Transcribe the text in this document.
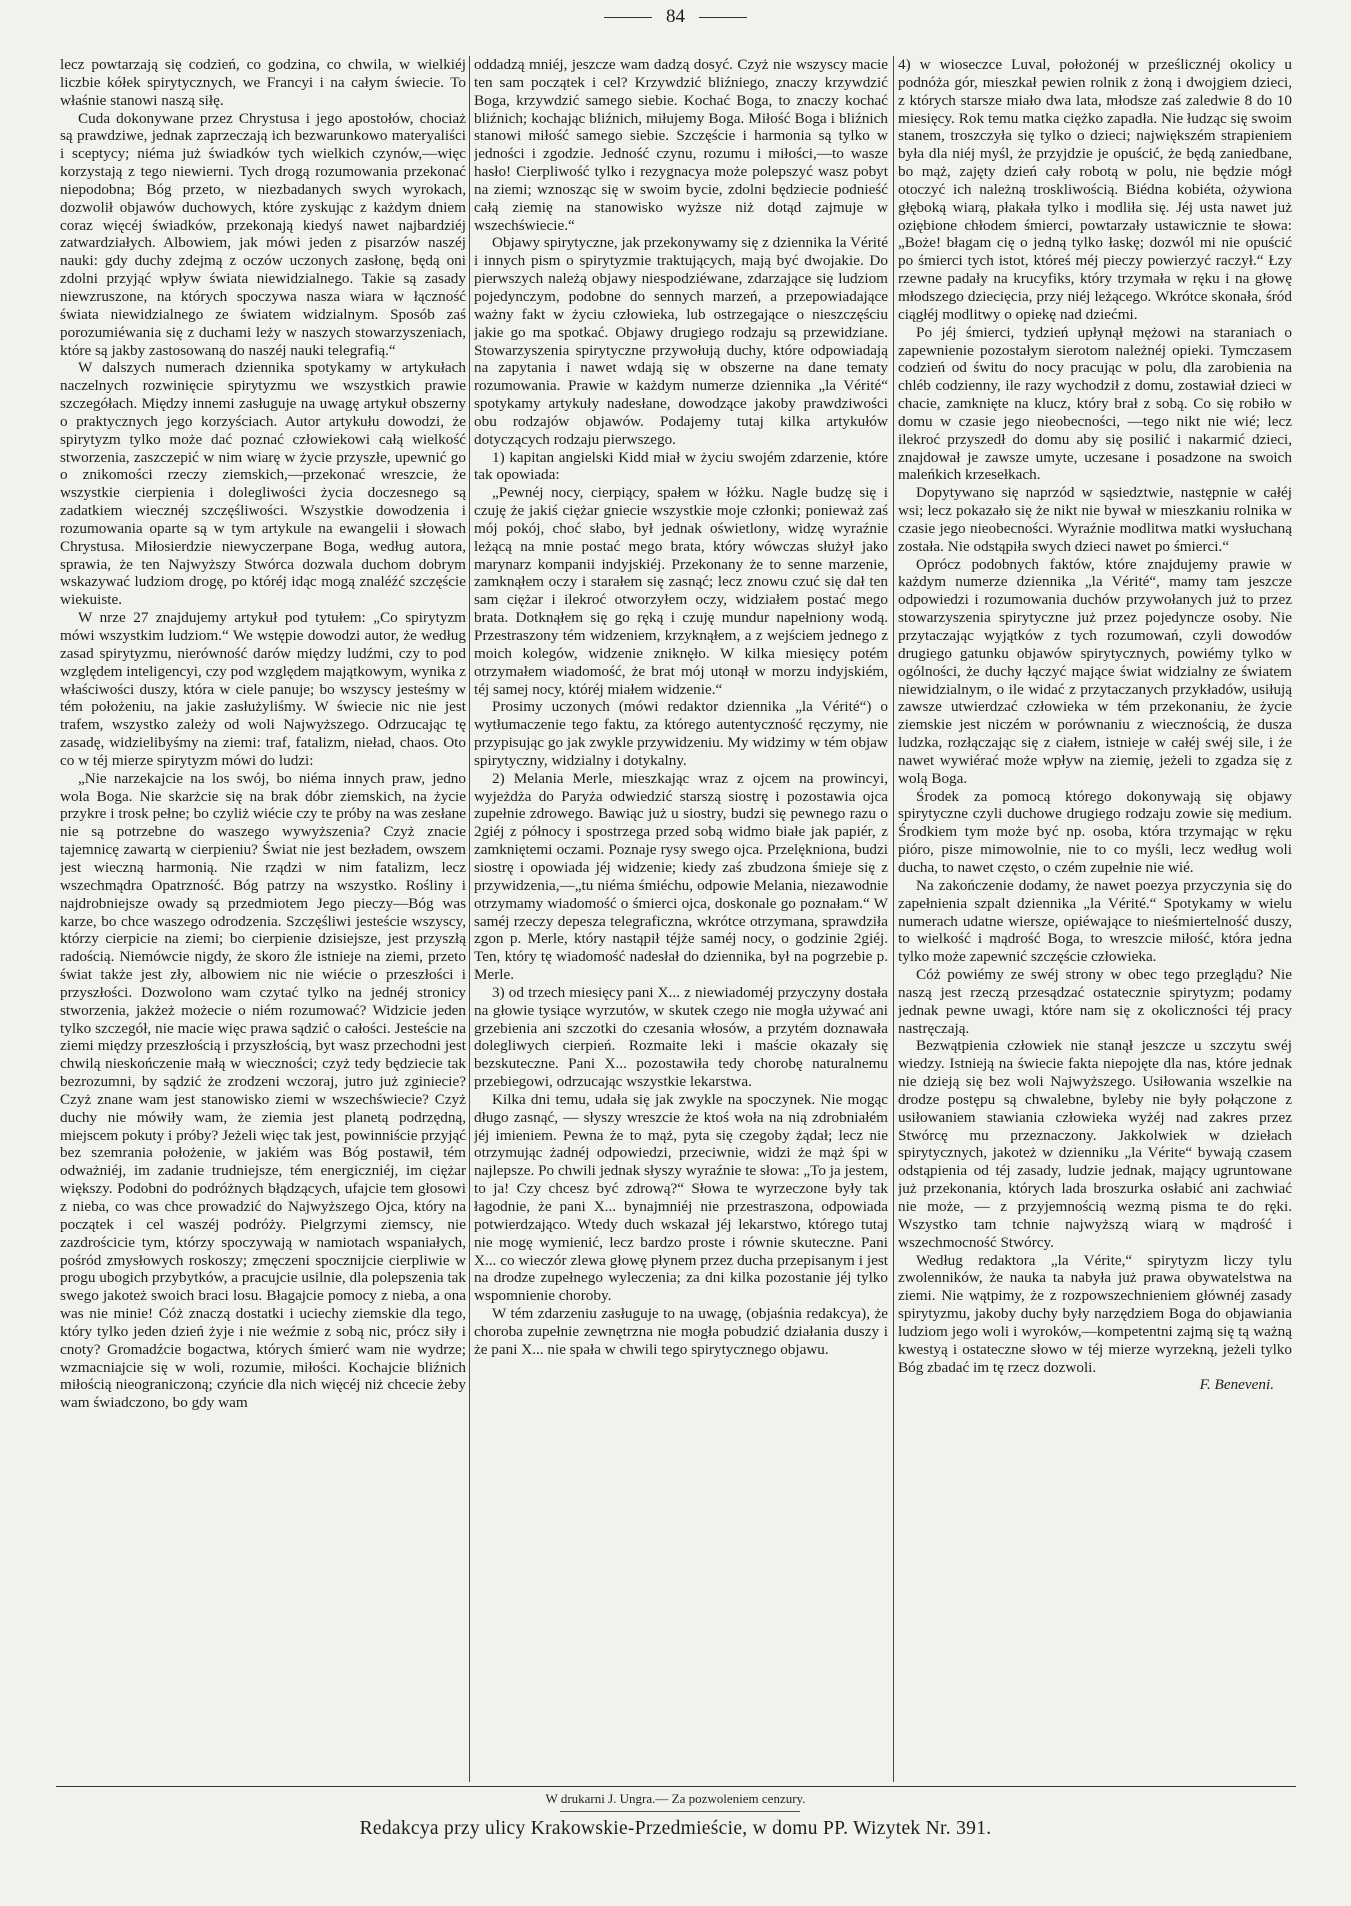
84

lecz powtarzają się codzień, co godzina, co chwila, w wielkiéj liczbie kółek spirytycznych, we Francyi i na całym świecie. To właśnie stanowi naszą siłę.

Cuda dokonywane przez Chrystusa i jego apostołów, chociaż są prawdziwe, jednak zaprzeczają ich bezwarunkowo materyaliści i sceptycy; niéma już świadków tych wielkich czynów,—więc korzystają z tego niewierni. Tych drogą rozumowania przekonać niepodobna; Bóg przeto, w niezbadanych swych wyrokach, dozwolił objawów duchowych, które zyskując z każdym dniem coraz więcéj świadków, przekonają kiedyś nawet najbardziéj zatwardziałych. Albowiem, jak mówi jeden z pisarzów naszéj nauki: gdy duchy zdejmą z oczów uczonych zasłonę, będą oni zdolni przyjąć wpływ świata niewidzialnego. Takie są zasady niewzruszone, na których spoczywa nasza wiara w łączność świata niewidzialnego ze światem widzialnym. Sposób zaś porozumiéwania się z duchami leży w naszych stowarzyszeniach, które są jakby zastosowaną do naszéj nauki telegrafią.“

W dalszych numerach dziennika spotykamy w artykułach naczelnych rozwinięcie spirytyzmu we wszystkich prawie szczegółach. Między innemi zasługuje na uwagę artykuł obszerny o praktycznych jego korzyściach. Autor artykułu dowodzi, że spirytyzm tylko może dać poznać człowiekowi całą wielkość stworzenia, zaszczepić w nim wiarę w życie przyszłe, upewnić go o znikomości rzeczy ziemskich,—przekonać wreszcie, że wszystkie cierpienia i dolegliwości życia doczesnego są zadatkiem wiecznéj szczęśliwości. Wszystkie dowodzenia i rozumowania oparte są w tym artykule na ewangelii i słowach Chrystusa. Miłosierdzie niewyczerpane Boga, według autora, sprawia, że ten Najwyższy Stwórca dozwala duchom dobrym wskazywać ludziom drogę, po któréj idąc mogą znaléźć szczęście wiekuiste.

W nrze 27 znajdujemy artykuł pod tytułem: „Co spirytyzm mówi wszystkim ludziom.“ We wstępie dowodzi autor, że według zasad spirytyzmu, nierówność darów między ludźmi, czy to pod względem inteligencyi, czy pod względem majątkowym, wynika z właściwości duszy, która w ciele panuje; bo wszyscy jesteśmy w tém położeniu, na jakie zasłużyliśmy. W świecie nic nie jest trafem, wszystko zależy od woli Najwyższego. Odrzucając tę zasadę, widzielibyśmy na ziemi: traf, fatalizm, nieład, chaos. Oto co w téj mierze spirytyzm mówi do ludzi:

„Nie narzekajcie na los swój, bo niéma innych praw, jedno wola Boga. Nie skarżcie się na brak dóbr ziemskich, na życie przykre i trosk pełne; bo czyliż wiécie czy te próby na was zesłane nie są potrzebne do waszego wywyższenia? Czyż znacie tajemnicę zawartą w cierpieniu? Świat nie jest bezładem, owszem jest wieczną harmonią. Nie rządzi w nim fatalizm, lecz wszechmądra Opatrzność. Bóg patrzy na wszystko. Rośliny i najdrobniejsze owady są przedmiotem Jego pieczy—Bóg was karze, bo chce waszego odrodzenia. Szczęśliwi jesteście wszyscy, którzy cierpicie na ziemi; bo cierpienie dzisiejsze, jest przyszłą radością. Niemówcie nigdy, że skoro źle istnieje na ziemi, przeto świat także jest zły, albowiem nic nie wiécie o przeszłości i przyszłości. Dozwolono wam czytać tylko na jednéj stronicy stworzenia, jakżeż możecie o niém rozumować? Widzicie jeden tylko szczegół, nie macie więc prawa sądzić o całości. Jesteście na ziemi między przeszłością i przyszłością, byt wasz przechodni jest chwilą nieskończenie małą w wieczności; czyż tedy będziecie tak bezrozumni, by sądzić że zrodzeni wczoraj, jutro już zginiecie? Czyż znane wam jest stanowisko ziemi w wszechświecie? Czyż duchy nie mówiły wam, że ziemia jest planetą podrzędną, miejscem pokuty i próby? Jeżeli więc tak jest, powinniście przyjąć bez szemrania położenie, w jakiém was Bóg postawił, tém odważniéj, im zadanie trudniejsze, tém energiczniéj, im ciężar większy. Podobni do podróżnych błądzących, ufajcie tem głosowi z nieba, co was chce prowadzić do Najwyższego Ojca, który na początek i cel waszéj podróży. Pielgrzymi ziemscy, nie zazdrościcie tym, którzy spoczywają w namiotach wspaniałych, pośród zmysłowych roskoszy; zmęczeni spocznijcie cierpliwie w progu ubogich przybytków, a pracujcie usilnie, dla polepszenia tak swego jakoteż swoich braci losu. Błagajcie pomocy z nieba, a ona was nie minie! Cóż znaczą dostatki i uciechy ziemskie dla tego, który tylko jeden dzień żyje i nie weźmie z sobą nic, prócz siły i cnoty? Gromadźcie bogactwa, których śmierć wam nie wydrze; wzmacniajcie się w woli, rozumie, miłości. Kochajcie bliźnich miłością nieograniczoną; czyńcie dla nich więcéj niż chcecie żeby wam świadczono, bo gdy wam

oddadzą mniéj, jeszcze wam dadzą dosyć. Czyż nie wszyscy macie ten sam początek i cel? Krzywdzić bliźniego, znaczy krzywdzić Boga, krzywdzić samego siebie. Kochać Boga, to znaczy kochać bliźnich; kochając bliźnich, miłujemy Boga. Miłość Boga i bliźnich stanowi miłość samego siebie. Szczęście i harmonia są tylko w jedności i zgodzie. Jedność czynu, rozumu i miłości,—to wasze hasło! Cierpliwość tylko i rezygnacya może polepszyć wasz pobyt na ziemi; wznosząc się w swoim bycie, zdolni będziecie podnieść całą ziemię na stanowisko wyższe niż dotąd zajmuje w wszechświecie.“

Objawy spirytyczne, jak przekonywamy się z dziennika la Vérité i innych pism o spirytyzmie traktujących, mają być dwojakie. Do pierwszych należą objawy niespodziéwane, zdarzające się ludziom pojedynczym, podobne do sennych marzeń, a przepowiadające ważny fakt w życiu człowieka, lub ostrzegające o nieszczęściu jakie go ma spotkać. Objawy drugiego rodzaju są przewidziane. Stowarzyszenia spirytyczne przywołują duchy, które odpowiadają na zapytania i nawet wdają się w obszerne na dane tematy rozumowania. Prawie w każdym numerze dziennika „la Vérité“ spotykamy artykuły nadesłane, dowodzące jakoby prawdziwości obu rodzajów objawów. Podajemy tutaj kilka artykułów dotyczących rodzaju pierwszego.

1) kapitan angielski Kidd miał w życiu swojém zdarzenie, które tak opowiada:

„Pewnéj nocy, cierpiący, spałem w łóżku. Nagle budzę się i czuję że jakiś ciężar gniecie wszystkie moje członki; ponieważ zaś mój pokój, choć słabo, był jednak oświetlony, widzę wyraźnie leżącą na mnie postać mego brata, który wówczas służył jako marynarz kompanii indyjskiéj. Przekonany że to senne marzenie, zamknąłem oczy i starałem się zasnąć; lecz znowu czuć się dał ten sam ciężar i ilekroć otworzyłem oczy, widziałem postać mego brata. Dotknąłem się go ręką i czuję mundur napełniony wodą. Przestraszony tém widzeniem, krzyknąłem, a z wejściem jednego z moich kolegów, widzenie zniknęło. W kilka miesięcy potém otrzymałem wiadomość, że brat mój utonął w morzu indyjskiém, téj samej nocy, któréj miałem widzenie.“

Prosimy uczonych (mówi redaktor dziennika „la Vérité“) o wytłumaczenie tego faktu, za którego autentyczność ręczymy, nie przypisując go jak zwykle przywidzeniu. My widzimy w tém objaw spirytyczny, widzialny i dotykalny.

2) Melania Merle, mieszkając wraz z ojcem na prowincyi, wyjeżdża do Paryża odwiedzić starszą siostrę i pozostawia ojca zupełnie zdrowego. Bawiąc już u siostry, budzi się pewnego razu o 2giéj z północy i spostrzega przed sobą widmo białe jak papiér, z zamkniętemi oczami. Poznaje rysy swego ojca. Przelękniona, budzi siostrę i opowiada jéj widzenie; kiedy zaś zbudzona śmieje się z przywidzenia,—„tu niéma śmiéchu, odpowie Melania, niezawodnie otrzymamy wiadomość o śmierci ojca, doskonale go poznałam.“ W saméj rzeczy depesza telegraficzna, wkrótce otrzymana, sprawdziła zgon p. Merle, który nastąpił téjże saméj nocy, o godzinie 2giéj. Ten, który tę wiadomość nadesłał do dziennika, był na pogrzebie p. Merle.

3) od trzech miesięcy pani X... z niewiadoméj przyczyny dostała na głowie tysiące wyrzutów, w skutek czego nie mogła używać ani grzebienia ani szczotki do czesania włosów, a przytém doznawała dolegliwych cierpień. Rozmaite leki i maście okazały się bezskuteczne. Pani X... pozostawiła tedy chorobę naturalnemu przebiegowi, odrzucając wszystkie lekarstwa.

Kilka dni temu, udała się jak zwykle na spoczynek. Nie mogąc długo zasnąć, — słyszy wreszcie że ktoś woła na nią zdrobniałém jéj imieniem. Pewna że to mąż, pyta się czegoby żądał; lecz nie otrzymując żadnéj odpowiedzi, przeciwnie, widzi że mąż śpi w najlepsze. Po chwili jednak słyszy wyraźnie te słowa: „To ja jestem, to ja! Czy chcesz być zdrową?“ Słowa te wyrzeczone były tak łagodnie, że pani X... bynajmniéj nie przestraszona, odpowiada potwierdzająco. Wtedy duch wskazał jéj lekarstwo, którego tutaj nie mogę wymienić, lecz bardzo proste i równie skuteczne. Pani X... co wieczór zlewa głowę płynem przez ducha przepisanym i jest na drodze zupełnego wyleczenia; za dni kilka pozostanie jéj tylko wspomnienie choroby.

W tém zdarzeniu zasługuje to na uwagę, (objaśnia redakcya), że choroba zupełnie zewnętrzna nie mogła pobudzić działania duszy i że pani X... nie spała w chwili tego spirytycznego objawu.

4) w wioseczce Luval, położonéj w prześlicznéj okolicy u podnóża gór, mieszkał pewien rolnik z żoną i dwojgiem dzieci, z których starsze miało dwa lata, młodsze zaś zaledwie 8 do 10 miesięcy. Rok temu matka ciężko zapadła. Nie łudząc się swoim stanem, troszczyła się tylko o dzieci; największém strapieniem była dla niéj myśl, że przyjdzie je opuścić, że będą zaniedbane, bo mąż, zajęty dzień cały robotą w polu, nie będzie mógł otoczyć ich należną troskliwością. Biédna kobiéta, ożywiona głęboką wiarą, płakała tylko i modliła się. Jéj usta nawet już oziębione chłodem śmierci, powtarzały ustawicznie te słowa: „Boże! błagam cię o jedną tylko łaskę; dozwól mi nie opuścić po śmierci tych istot, któreś méj pieczy powierzyć raczył.“ Łzy rzewne padały na krucyfiks, który trzymała w ręku i na głowę młodszego dziecięcia, przy niéj leżącego. Wkrótce skonała, śród ciągłéj modlitwy o opiekę nad dziećmi.

Po jéj śmierci, tydzień upłynął mężowi na staraniach o zapewnienie pozostałym sierotom należnéj opieki. Tymczasem codzień od świtu do nocy pracując w polu, dla zarobienia na chléb codzienny, ile razy wychodził z domu, zostawiał dzieci w chacie, zamknięte na klucz, który brał z sobą. Co się robiło w domu w czasie jego nieobecności, —tego nikt nie wié; lecz ilekroć przyszedł do domu aby się posilić i nakarmić dzieci, znajdował je zawsze umyte, uczesane i posadzone na swoich maleńkich krzesełkach.

Dopytywano się naprzód w sąsiedztwie, następnie w całéj wsi; lecz pokazało się że nikt nie bywał w mieszkaniu rolnika w czasie jego nieobecności. Wyraźnie modlitwa matki wysłuchaną została. Nie odstąpiła swych dzieci nawet po śmierci.“

Oprócz podobnych faktów, które znajdujemy prawie w każdym numerze dziennika „la Vérité“, mamy tam jeszcze odpowiedzi i rozumowania duchów przywołanych już to przez stowarzyszenia spirytyczne już przez pojedyncze osoby. Nie przytaczając wyjątków z tych rozumowań, czyli dowodów drugiego gatunku objawów spirytycznych, powiémy tylko w ogólności, że duchy łączyć mające świat widzialny ze światem niewidzialnym, o ile widać z przytaczanych przykładów, usiłują zawsze utwierdzać człowieka w tém przekonaniu, że życie ziemskie jest niczém w porównaniu z wiecznością, że dusza ludzka, rozłączając się z ciałem, istnieje w całéj swéj sile, i że nawet wywiérać może wpływ na ziemię, jeżeli to zgadza się z wolą Boga.

Środek za pomocą którego dokonywają się objawy spirytyczne czyli duchowe drugiego rodzaju zowie się medium. Środkiem tym może być np. osoba, która trzymając w ręku pióro, pisze mimowolnie, nie to co myśli, lecz według woli ducha, to nawet często, o czém zupełnie nie wié.

Na zakończenie dodamy, że nawet poezya przyczynia się do zapełnienia szpalt dziennika „la Vérité.“ Spotykamy w wielu numerach udatne wiersze, opiéwające to nieśmiertelność duszy, to wielkość i mądrość Boga, to wreszcie miłość, która jedna tylko może zapewnić szczęście człowieka.

Cóż powiémy ze swéj strony w obec tego przeglądu? Nie naszą jest rzeczą przesądzać ostatecznie spirytyzm; podamy jednak pewne uwagi, które nam się z okoliczności téj pracy nastręczają.

Bezwątpienia człowiek nie stanął jeszcze u szczytu swéj wiedzy. Istnieją na świecie fakta niepojęte dla nas, które jednak nie dzieją się bez woli Najwyższego. Usiłowania wszelkie na drodze postępu są chwalebne, byleby nie były połączone z usiłowaniem stawiania człowieka wyżéj nad zakres przez Stwórcę mu przeznaczony. Jakkolwiek w dziełach spirytycznych, jakoteż w dzienniku „la Vérite“ bywają czasem odstąpienia od téj zasady, ludzie jednak, mający ugruntowane już przekonania, których lada broszurka osłabić ani zachwiać nie może, — z przyjemnością wezmą pisma te do ręki. Wszystko tam tchnie najwyższą wiarą w mądrość i wszechmocność Stwórcy.

Według redaktora „la Vérite,“ spirytyzm liczy tylu zwolenników, że nauka ta nabyła już prawa obywatelstwa na ziemi. Nie wątpimy, że z rozpowszechnieniem głównéj zasady spirytyzmu, jakoby duchy były narzędziem Boga do objawiania ludziom jego woli i wyroków,—kompetentni zajmą się tą ważną kwestyą i ostateczne słowo w téj mierze wyrzekną, jeżeli tylko Bóg zbadać im tę rzecz dozwoli.

F. Beneveni.

W drukarni J. Ungra.— Za pozwoleniem cenzury.
Redakcya przy ulicy Krakowskie-Przedmieście, w domu PP. Wizytek Nr. 391.
